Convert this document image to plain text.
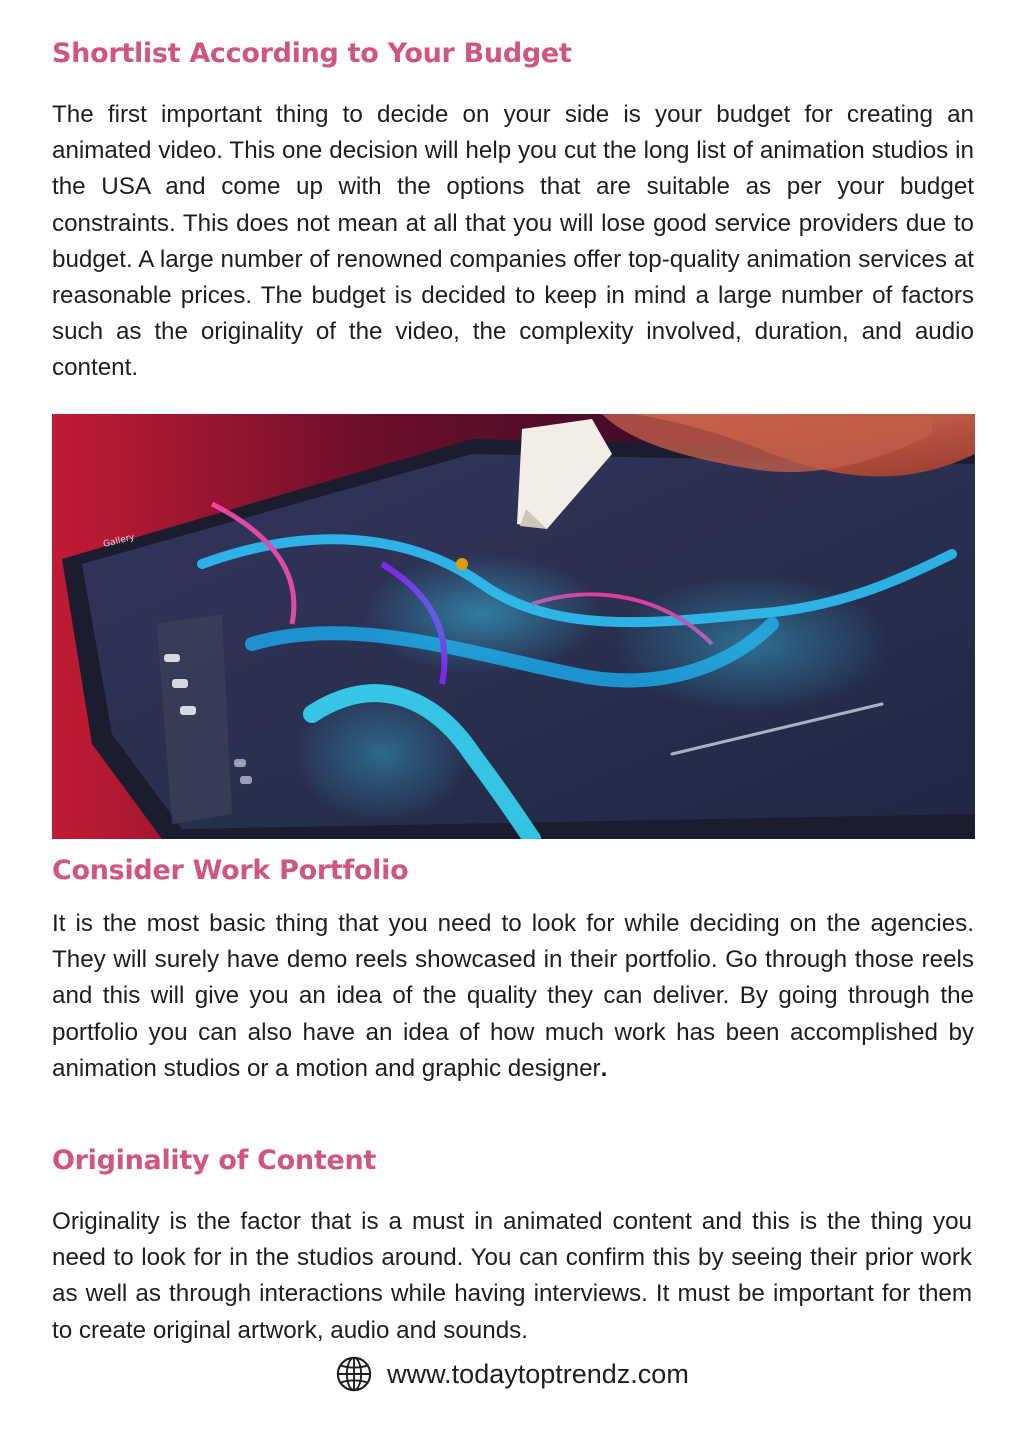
Shortlist According to Your Budget

The first important thing to decide on your side is your budget for creating an animated video. This one decision will help you cut the long list of animation studios in the USA and come up with the options that are suitable as per your budget constraints. This does not mean at all that you will lose good service providers due to budget. A large number of renowned companies offer top-quality animation services at reasonable prices. The budget is decided to keep in mind a large number of factors such as the originality of the video, the complexity involved, duration, and audio content.

Gallery
Consider Work Portfolio

It is the most basic thing that you need to look for while deciding on the agencies. They will surely have demo reels showcased in their portfolio. Go through those reels and this will give you an idea of the quality they can deliver. By going through the portfolio you can also have an idea of how much work has been accomplished by animation studios or a motion and graphic designer.

Originality of Content

Originality is the factor that is a must in animated content and this is the thing you need to look for in the studios around. You can confirm this by seeing their prior work as well as through interactions while having interviews. It must be important for them to create original artwork, audio and sounds.

www.todaytoptrendz.com
